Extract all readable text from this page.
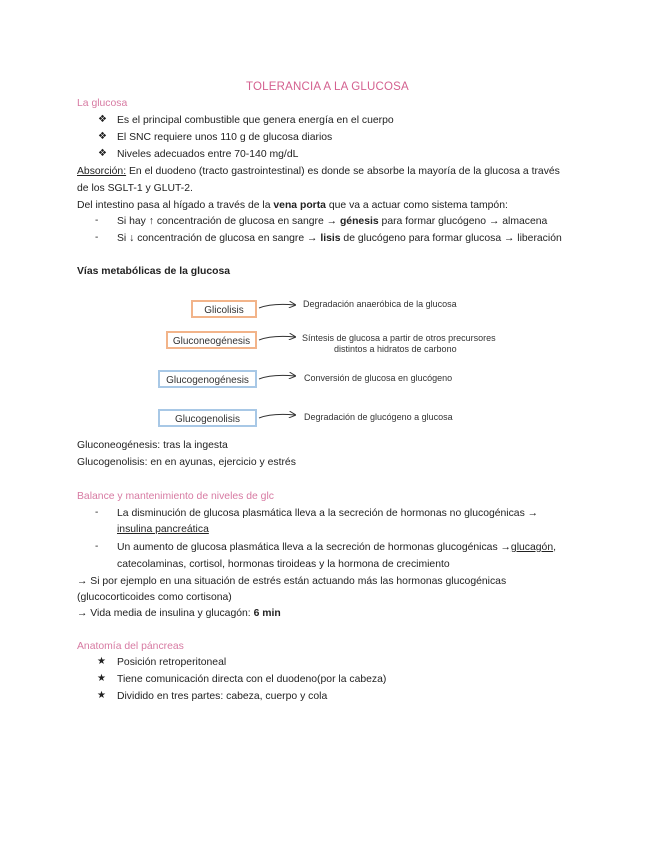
TOLERANCIA A LA GLUCOSA
La glucosa
❖ Es el principal combustible que genera energía en el cuerpo
❖ El SNC requiere unos 110 g de glucosa diarios
❖ Niveles adecuados entre 70-140 mg/dL
Absorción: En el duodeno (tracto gastrointestinal) es donde se absorbe la mayoría de la glucosa a través
de los SGLT-1 y GLUT-2.
Del intestino pasa al hígado a través de la vena porta que va a actuar como sistema tampón:
- Si hay ↑ concentración de glucosa en sangre → génesis para formar glucógeno → almacena
- Si ↓ concentración de glucosa en sangre → lisis de glucógeno para formar glucosa → liberación
Vías metabólicas de la glucosa
Glicolisis
Gluconeogénesis
Glucogenogénesis
Glucogenolisis
Degradación anaeróbica de la glucosa
Síntesis de glucosa a partir de otros precursores
distintos a hidratos de carbono
Conversión de glucosa en glucógeno
Degradación de glucógeno a glucosa
Gluconeogénesis: tras la ingesta
Glucogenolisis: en en ayunas, ejercicio y estrés
Balance y mantenimiento de niveles de glc
- La disminución de glucosa plasmática lleva a la secreción de hormonas no glucogénicas →
insulina pancreática
- Un aumento de glucosa plasmática lleva a la secreción de hormonas glucogénicas →glucagón,
catecolaminas, cortisol, hormonas tiroideas y la hormona de crecimiento
→ Si por ejemplo en una situación de estrés están actuando más las hormonas glucogénicas
(glucocorticoides como cortisona)
→ Vida media de insulina y glucagón: 6 min
Anatomía del páncreas
★ Posición retroperitoneal
★ Tiene comunicación directa con el duodeno(por la cabeza)
★ Dividido en tres partes: cabeza, cuerpo y cola
